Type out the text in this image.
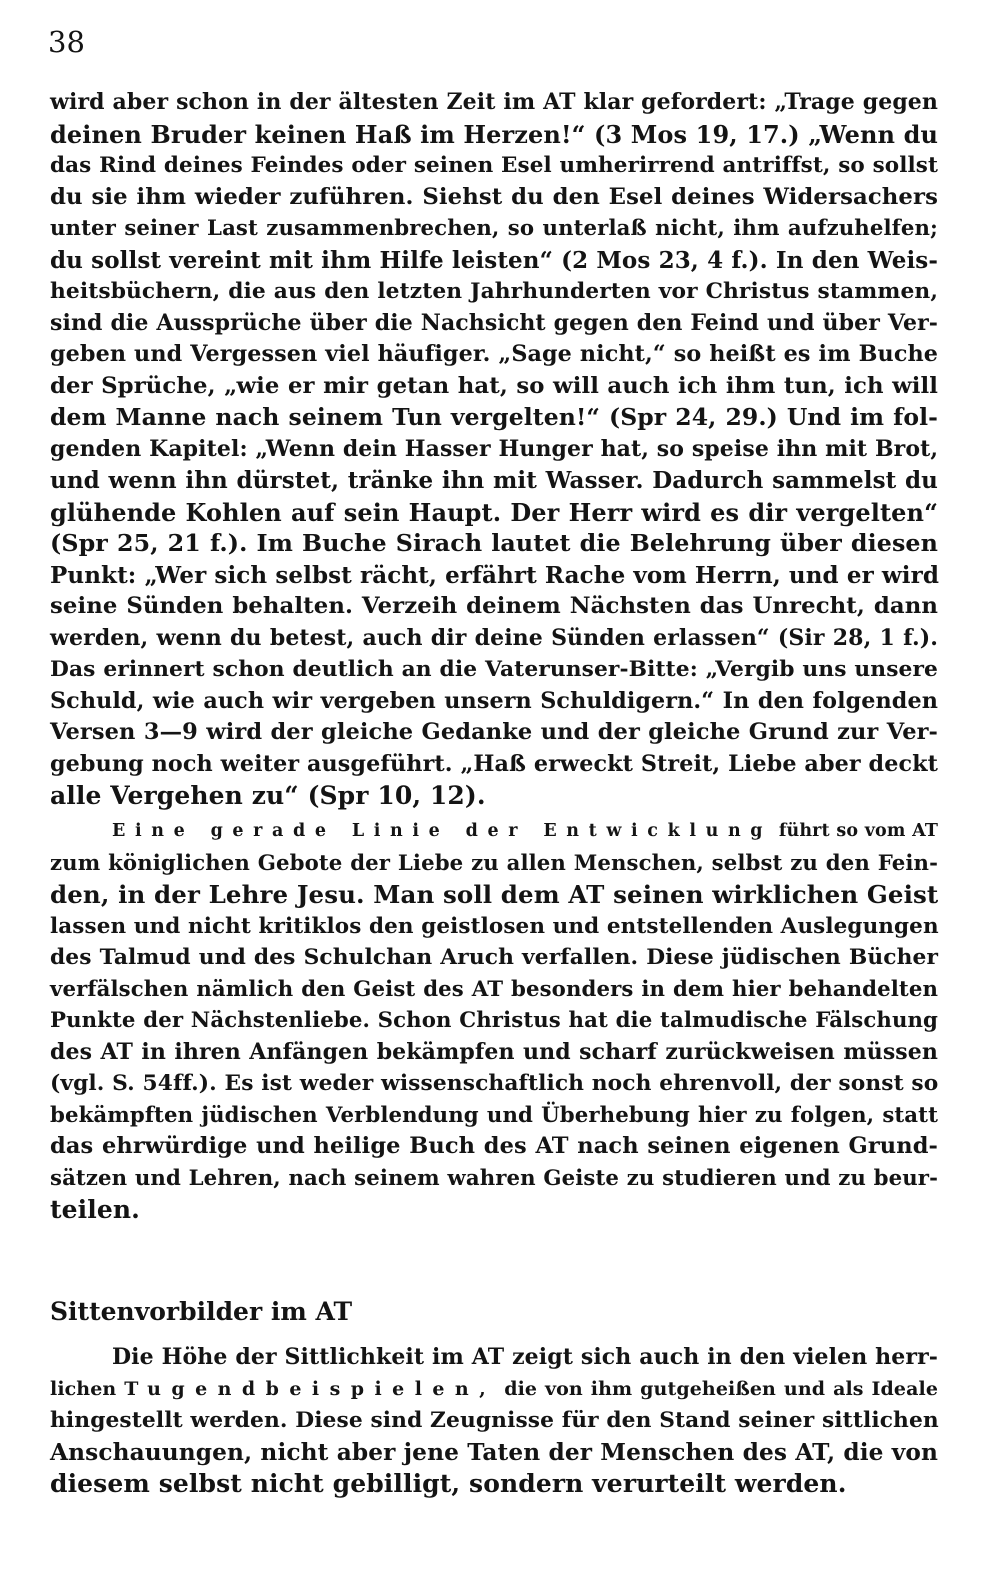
38
wird aber schon in der ältesten Zeit im AT klar gefordert: „Trage gegen
deinen Bruder keinen Haß im Herzen!“ (3 Mos 19, 17.) „Wenn du
das Rind deines Feindes oder seinen Esel umherirrend antriffst, so sollst
du sie ihm wieder zuführen. Siehst du den Esel deines Widersachers
unter seiner Last zusammenbrechen, so unterlaß nicht, ihm aufzuhelfen;
du sollst vereint mit ihm Hilfe leisten“ (2 Mos 23, 4 f.). In den Weis-
heitsbüchern, die aus den letzten Jahrhunderten vor Christus stammen,
sind die Aussprüche über die Nachsicht gegen den Feind und über Ver-
geben und Vergessen viel häufiger. „Sage nicht,“ so heißt es im Buche
der Sprüche, „wie er mir getan hat, so will auch ich ihm tun, ich will
dem Manne nach seinem Tun vergelten!“ (Spr 24, 29.) Und im fol-
genden Kapitel: „Wenn dein Hasser Hunger hat, so speise ihn mit Brot,
und wenn ihn dürstet, tränke ihn mit Wasser. Dadurch sammelst du
glühende Kohlen auf sein Haupt. Der Herr wird es dir vergelten“
(Spr 25, 21 f.). Im Buche Sirach lautet die Belehrung über diesen
Punkt: „Wer sich selbst rächt, erfährt Rache vom Herrn, und er wird
seine Sünden behalten. Verzeih deinem Nächsten das Unrecht, dann
werden, wenn du betest, auch dir deine Sünden erlassen“ (Sir 28, 1 f.).
Das erinnert schon deutlich an die Vaterunser-Bitte: „Vergib uns unsere
Schuld, wie auch wir vergeben unsern Schuldigern.“ In den folgenden
Versen 3—9 wird der gleiche Gedanke und der gleiche Grund zur Ver-
gebung noch weiter ausgeführt. „Haß erweckt Streit, Liebe aber deckt
alle Vergehen zu“ (Spr 10, 12).
Eine gerade Linie der Entwicklung führt so vom AT
zum königlichen Gebote der Liebe zu allen Menschen, selbst zu den Fein-
den, in der Lehre Jesu. Man soll dem AT seinen wirklichen Geist
lassen und nicht kritiklos den geistlosen und entstellenden Auslegungen
des Talmud und des Schulchan Aruch verfallen. Diese jüdischen Bücher
verfälschen nämlich den Geist des AT besonders in dem hier behandelten
Punkte der Nächstenliebe. Schon Christus hat die talmudische Fälschung
des AT in ihren Anfängen bekämpfen und scharf zurückweisen müssen
(vgl. S. 54ff.). Es ist weder wissenschaftlich noch ehrenvoll, der sonst so
bekämpften jüdischen Verblendung und Überhebung hier zu folgen, statt
das ehrwürdige und heilige Buch des AT nach seinen eigenen Grund-
sätzen und Lehren, nach seinem wahren Geiste zu studieren und zu beur-
teilen.
Sittenvorbilder im AT
Die Höhe der Sittlichkeit im AT zeigt sich auch in den vielen herr-
lichen Tugendbeispielen, die von ihm gutgeheißen und als Ideale
hingestellt werden. Diese sind Zeugnisse für den Stand seiner sittlichen
Anschauungen, nicht aber jene Taten der Menschen des AT, die von
diesem selbst nicht gebilligt, sondern verurteilt werden.
